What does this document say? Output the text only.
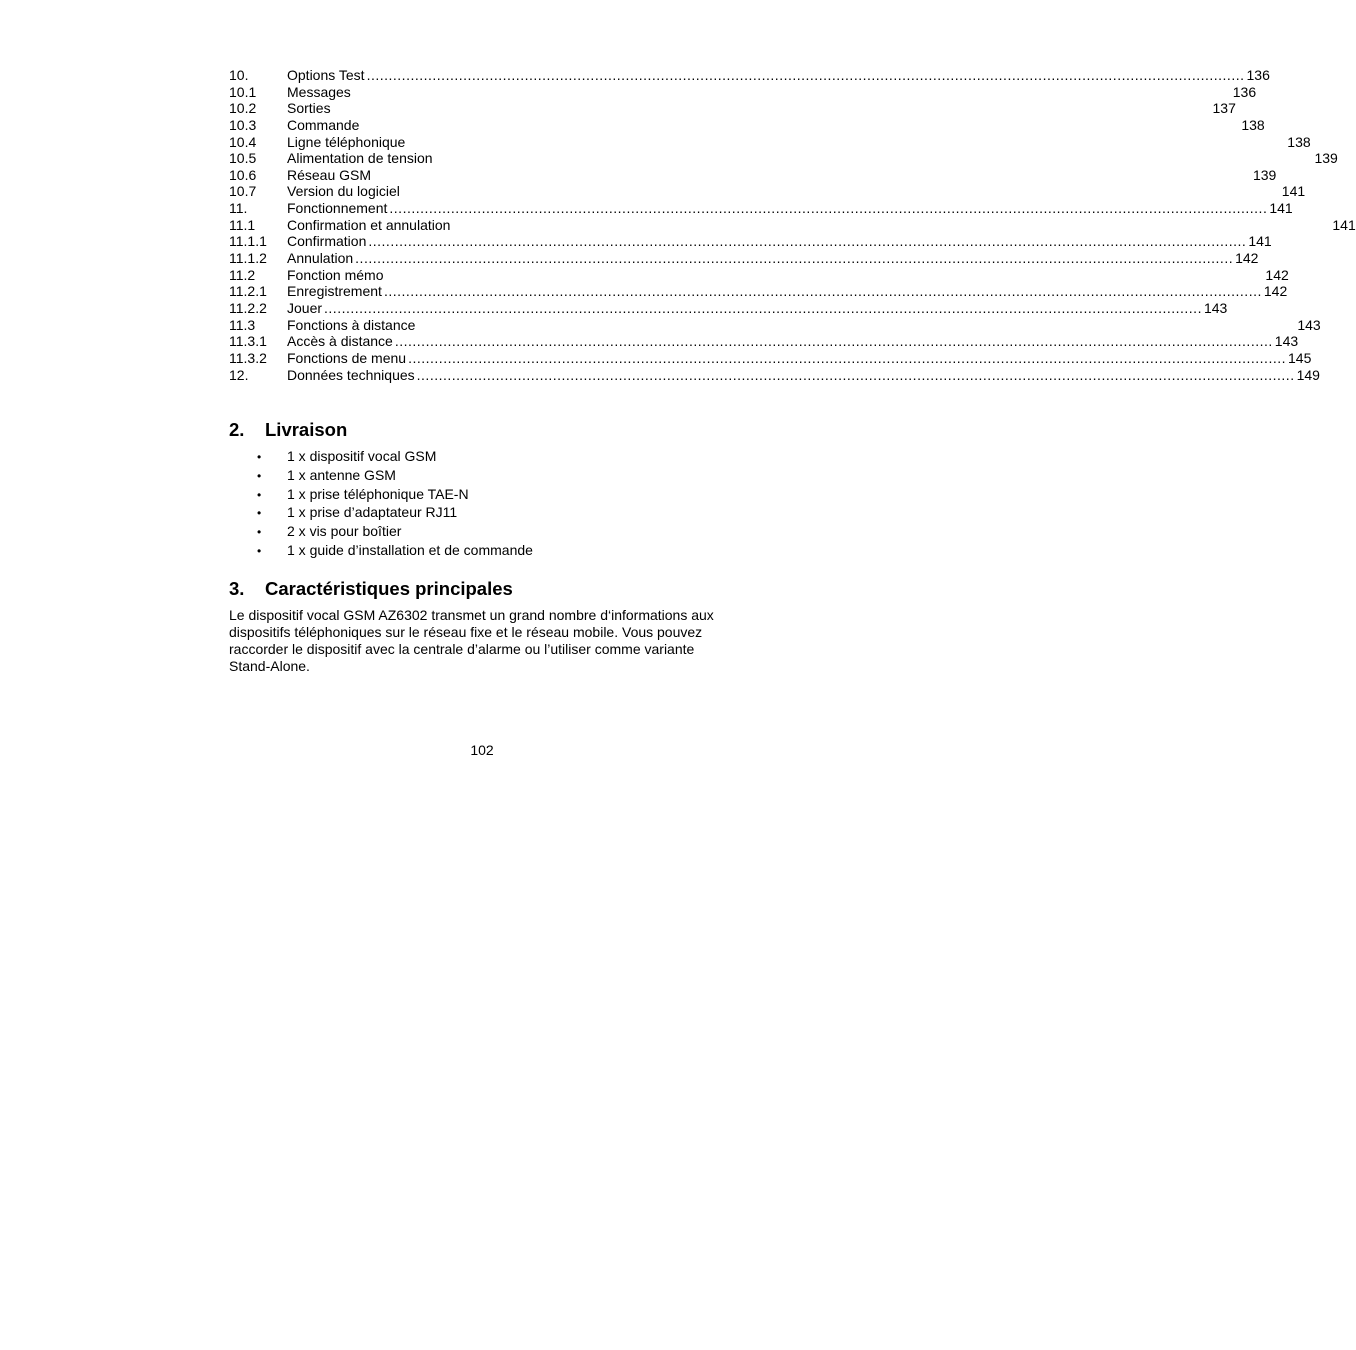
10.	Options Test ........................................................................................................................................................................................................ 136
10.1	Messages	136
10.2	Sorties	137
10.3	Commande	138
10.4	Ligne téléphonique	138
10.5	Alimentation de tension	139
10.6	Réseau GSM	139
10.7	Version du logiciel	141
11.	Fonctionnement ........................................................................................................................................................................................................ 141
11.1	Confirmation et annulation	141
11.1.1	Confirmation ........................................................................................................................................................................................................ 141
11.1.2	Annulation ........................................................................................................................................................................................................ 142
11.2	Fonction mémo	142
11.2.1	Enregistrement ........................................................................................................................................................................................................ 142
11.2.2	Jouer ........................................................................................................................................................................................................ 143
11.3	Fonctions à distance	143
11.3.1	Accès à distance ........................................................................................................................................................................................................ 143
11.3.2	Fonctions de menu ........................................................................................................................................................................................................ 145
12.	Données techniques ........................................................................................................................................................................................................ 149
2.	Livraison
•	1 x dispositif vocal GSM
•	1 x antenne GSM
•	1 x prise téléphonique TAE-N
•	1 x prise d’adaptateur RJ11
•	2 x vis pour boîtier
•	1 x guide d’installation et de commande
3.	Caractéristiques principales

Le dispositif vocal GSM AZ6302 transmet un grand nombre d‘informations aux dispositifs téléphoniques sur le réseau fixe et le réseau mobile. Vous pouvez raccorder le dispositif avec la centrale d’alarme ou l’utiliser comme variante Stand-Alone.

102
